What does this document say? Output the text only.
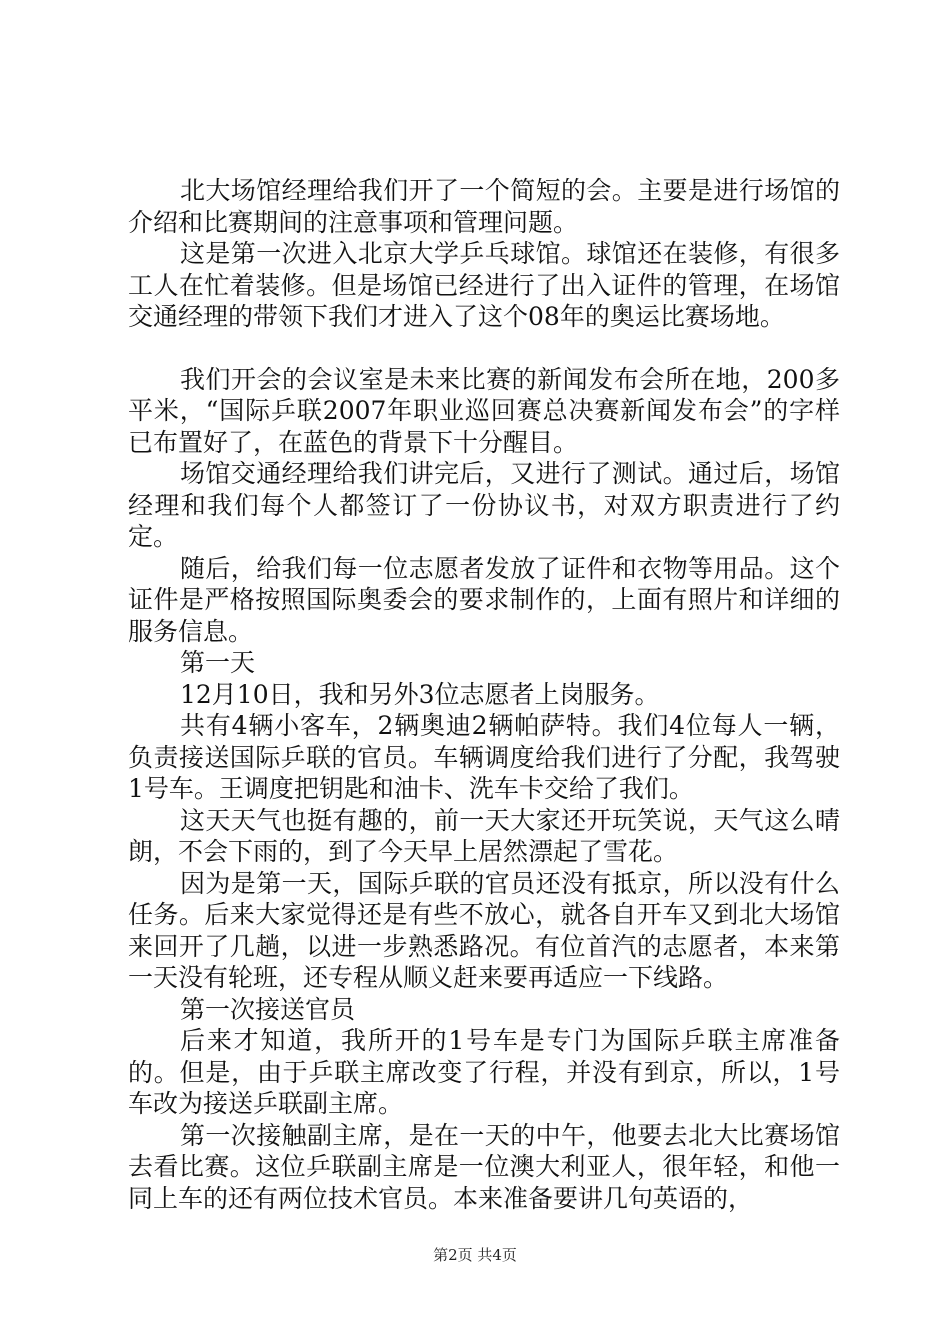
北大场馆经理给我们开了一个简短的会。主要是进行场馆的介绍和比赛期间的注意事项和管理问题。

这是第一次进入北京大学乒乓球馆。球馆还在装修，有很多工人在忙着装修。但是场馆已经进行了出入证件的管理，在场馆交通经理的带领下我们才进入了这个08年的奥运比赛场地。

我们开会的会议室是未来比赛的新闻发布会所在地，200多平米，“国际乒联2007年职业巡回赛总决赛新闻发布会”的字样已布置好了，在蓝色的背景下十分醒目。

场馆交通经理给我们讲完后，又进行了测试。通过后，场馆经理和我们每个人都签订了一份协议书，对双方职责进行了约定。

随后，给我们每一位志愿者发放了证件和衣物等用品。这个证件是严格按照国际奥委会的要求制作的，上面有照片和详细的服务信息。

第一天

12月10日，我和另外3位志愿者上岗服务。

共有4辆小客车，2辆奥迪2辆帕萨特。我们4位每人一辆，负责接送国际乒联的官员。车辆调度给我们进行了分配，我驾驶1号车。王调度把钥匙和油卡、洗车卡交给了我们。

这天天气也挺有趣的，前一天大家还开玩笑说，天气这么晴朗，不会下雨的，到了今天早上居然漂起了雪花。

因为是第一天，国际乒联的官员还没有抵京，所以没有什么任务。后来大家觉得还是有些不放心，就各自开车又到北大场馆来回开了几趟，以进一步熟悉路况。有位首汽的志愿者，本来第一天没有轮班，还专程从顺义赶来要再适应一下线路。

第一次接送官员

后来才知道，我所开的1号车是专门为国际乒联主席准备的。但是，由于乒联主席改变了行程，并没有到京，所以，1号车改为接送乒联副主席。

第一次接触副主席，是在一天的中午，他要去北大比赛场馆去看比赛。这位乒联副主席是一位澳大利亚人，很年轻，和他一同上车的还有两位技术官员。本来准备要讲几句英语的，

第2页 共4页
